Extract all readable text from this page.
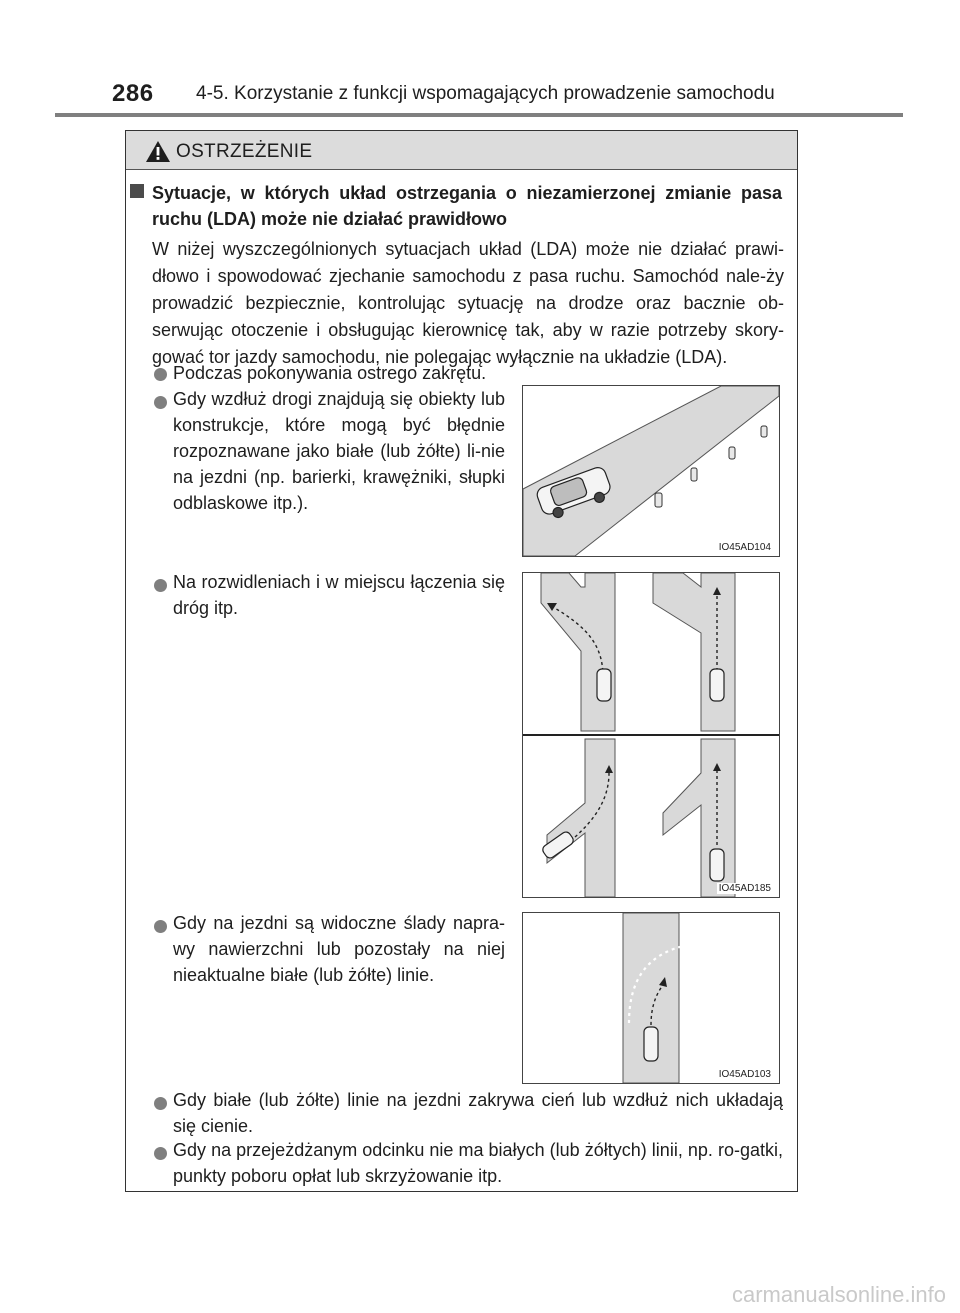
286 4-5. Korzystanie z funkcji wspomagających prowadzenie samochodu
OSTRZEŻENIE
Sytuacje, w których układ ostrzegania o niezamierzonej zmianie pasa ruchu (LDA) może nie działać prawidłowo
W niżej wyszczególnionych sytuacjach układ (LDA) może nie działać prawi-dłowo i spowodować zjechanie samochodu z pasa ruchu. Samochód nale-ży prowadzić bezpiecznie, kontrolując sytuację na drodze oraz bacznie ob-serwując otoczenie i obsługując kierownicę tak, aby w razie potrzeby skory-gować tor jazdy samochodu, nie polegając wyłącznie na układzie (LDA).
Podczas pokonywania ostrego zakrętu.
Gdy wzdłuż drogi znajdują się obiekty lub konstrukcje, które mogą być błędnie rozpoznawane jako białe (lub żółte) li-nie na jezdni (np. barierki, krawężniki, słupki odblaskowe itp.).
IO45AD104
Na rozwidleniach i w miejscu łączenia się dróg itp.
IO45AD185
Gdy na jezdni są widoczne ślady napra-wy nawierzchni lub pozostały na niej nieaktualne białe (lub żółte) linie.
IO45AD103
Gdy białe (lub żółte) linie na jezdni zakrywa cień lub wzdłuż nich układają się cienie.
Gdy na przejeżdżanym odcinku nie ma białych (lub żółtych) linii, np. ro-gatki, punkty poboru opłat lub skrzyżowanie itp.
carmanualsonline.info
